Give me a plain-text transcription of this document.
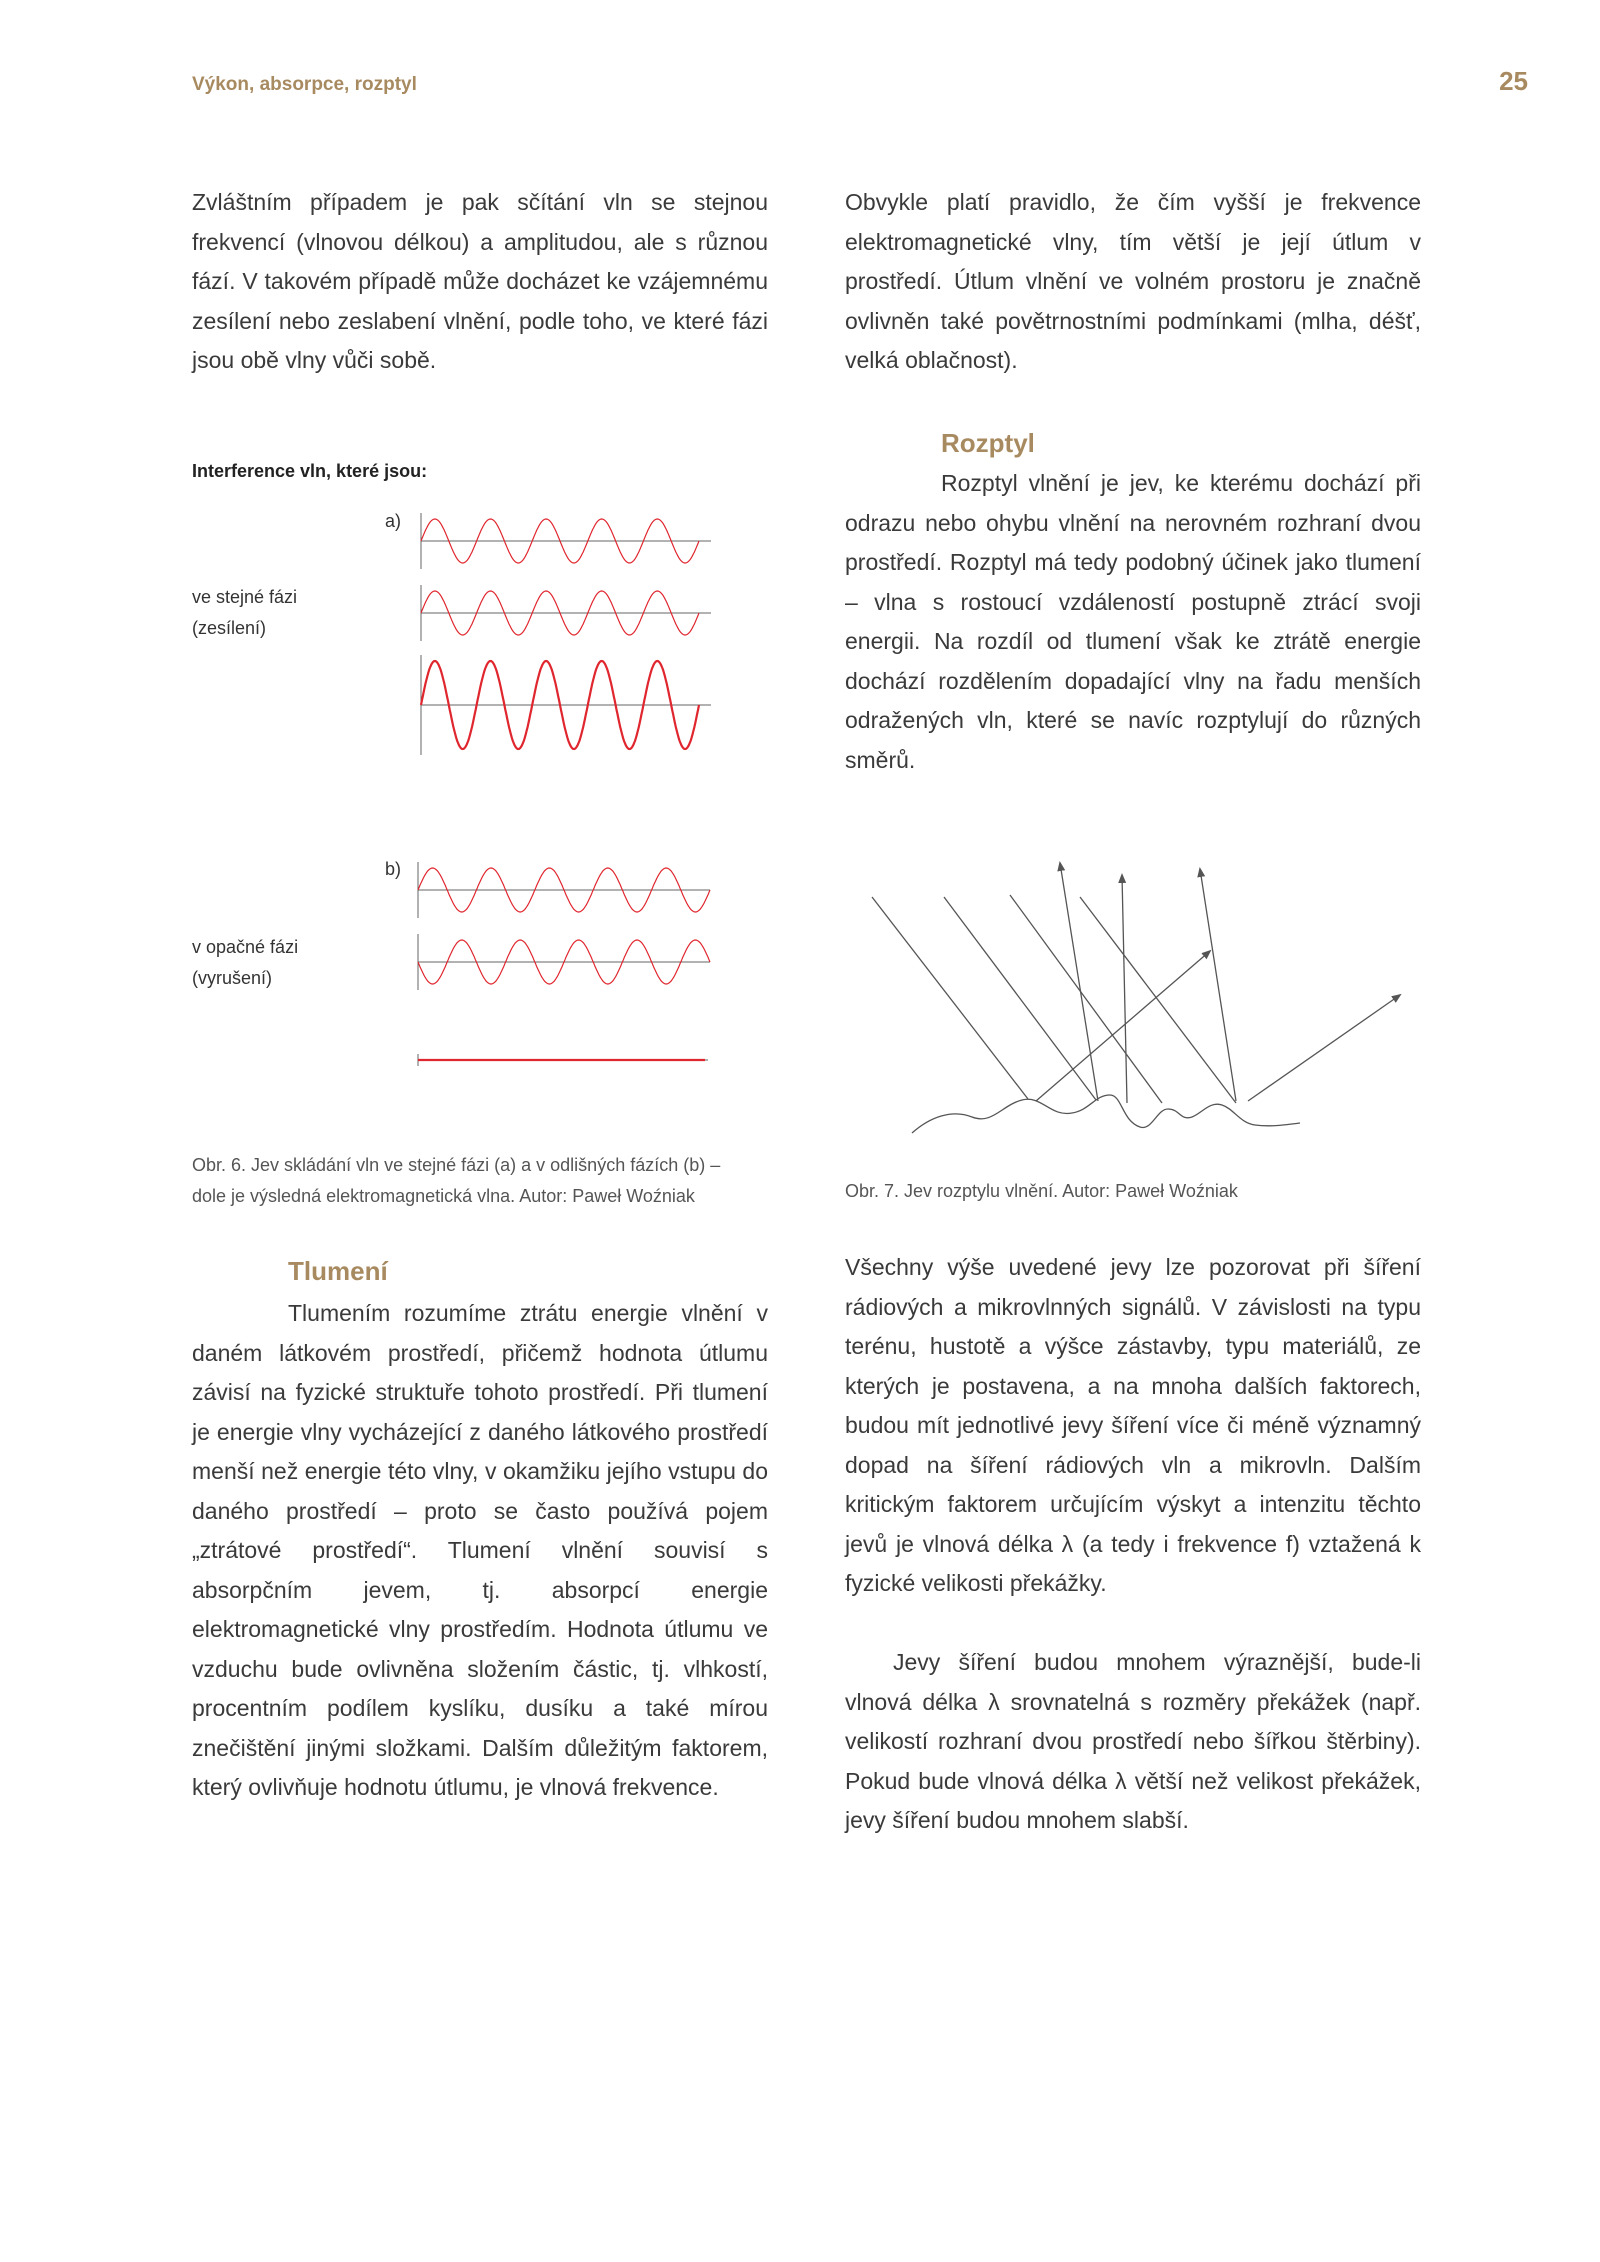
Výkon, absorpce, rozptyl	25

Zvláštním případem je pak sčítání vln se stejnou frekvencí (vlnovou délkou) a amplitudou, ale s různou fází. V takovém případě může docházet ke vzájemnému zesílení nebo zeslabení vlnění, podle toho, ve které fázi jsou obě vlny vůči sobě.

Interference vln, které jsou:
a)
ve stejné fázi
(zesílení)
b)
v opačné fázi
(vyrušení)
Obr. 6. Jev skládání vln ve stejné fázi (a) a v odlišných fázích (b) –
dole je výsledná elektromagnetická vlna. Autor: Paweł Woźniak
Tlumení

Tlumením rozumíme ztrátu energie vlnění v daném látkovém prostředí, přičemž hodnota útlumu závisí na fyzické struktuře tohoto prostředí. Při tlumení je energie vlny vycházející z daného látkového prostředí menší než energie této vlny, v okamžiku jejího vstupu do daného prostředí – proto se často používá pojem „ztrátové prostředí“. Tlumení vlnění souvisí s absorpčním jevem, tj. absorpcí energie elektromagnetické vlny prostředím. Hodnota útlumu ve vzduchu bude ovlivněna složením částic, tj. vlhkostí, procentním podílem kyslíku, dusíku a také mírou znečištění jinými složkami. Dalším důležitým faktorem, který ovlivňuje hodnotu útlumu, je vlnová frekvence.

Obvykle platí pravidlo, že čím vyšší je frekvence elektromagnetické vlny, tím větší je její útlum v prostředí. Útlum vlnění ve volném prostoru je značně ovlivněn také povětrnostními podmínkami (mlha, déšť, velká oblačnost).

Rozptyl

Rozptyl vlnění je jev, ke kterému dochází při odrazu nebo ohybu vlnění na nerovném rozhraní dvou prostředí. Rozptyl má tedy podobný účinek jako tlumení – vlna s rostoucí vzdáleností postupně ztrácí svoji energii. Na rozdíl od tlumení však ke ztrátě energie dochází rozdělením dopadající vlny na řadu menších odražených vln, které se navíc rozptylují do různých směrů.

Obr. 7. Jev rozptylu vlnění. Autor: Paweł Woźniak

Všechny výše uvedené jevy lze pozorovat při šíření rádiových a mikrovlnných signálů. V závislosti na typu terénu, hustotě a výšce zástavby, typu materiálů, ze kterých je postavena, a na mnoha dalších faktorech, budou mít jednotlivé jevy šíření více či méně významný dopad na šíření rádiových vln a mikrovln. Dalším kritickým faktorem určujícím výskyt a intenzitu těchto jevů je vlnová délka λ (a tedy i frekvence f) vztažená k fyzické velikosti překážky.

Jevy šíření budou mnohem výraznější, bude-li vlnová délka λ srovnatelná s rozměry překážek (např. velikostí rozhraní dvou prostředí nebo šířkou štěrbiny). Pokud bude vlnová délka λ větší než velikost překážek, jevy šíření budou mnohem slabší.
